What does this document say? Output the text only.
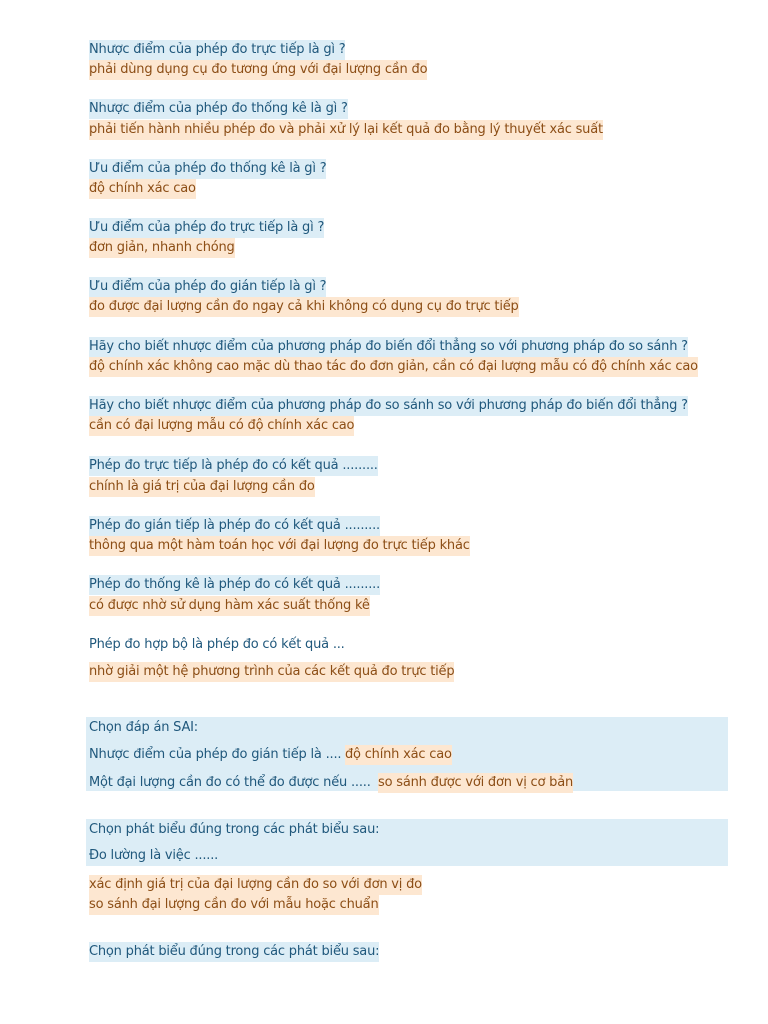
Nhược điểm của phép đo trực tiếp là gì ?
phải dùng dụng cụ đo tương ứng với đại lượng cần đo
Nhược điểm của phép đo thống kê là gì ?
phải tiến hành nhiều phép đo và phải xử lý lại kết quả đo bằng lý thuyết xác suất
Ưu điểm của phép đo thống kê là gì ?
độ chính xác cao
Ưu điểm của phép đo trực tiếp là gì ?
đơn giản, nhanh chóng
Ưu điểm của phép đo gián tiếp là gì ?
đo được đại lượng cần đo ngay cả khi không có dụng cụ đo trực tiếp
Hãy cho biết nhược điểm của phương pháp đo biến đổi thẳng so với phương pháp đo so sánh ?
độ chính xác không cao mặc dù thao tác đo đơn giản, cần có đại lượng mẫu có độ chính xác cao
Hãy cho biết nhược điểm của phương pháp đo so sánh so với phương pháp đo biến đổi thẳng ?
cần có đại lượng mẫu có độ chính xác cao
Phép đo trực tiếp là phép đo có kết quả .........
chính là giá trị của đại lượng cần đo
Phép đo gián tiếp là phép đo có kết quả .........
thông qua một hàm toán học với đại lượng đo trực tiếp khác
Phép đo thống kê là phép đo có kết quả .........
có được nhờ sử dụng hàm xác suất thống kê
Phép đo hợp bộ là phép đo có kết quả ...
nhờ giải một hệ phương trình của các kết quả đo trực tiếp
Chọn đáp án SAI:
Nhược điểm của phép đo gián tiếp là .... độ chính xác cao
Một đại lượng cần đo có thể đo được nếu ..... so sánh được với đơn vị cơ bản
Chọn phát biểu đúng trong các phát biểu sau:
Đo lường là việc ......
xác định giá trị của đại lượng cần đo so với đơn vị đo
so sánh đại lượng cần đo với mẫu hoặc chuẩn
Chọn phát biểu đúng trong các phát biểu sau:
